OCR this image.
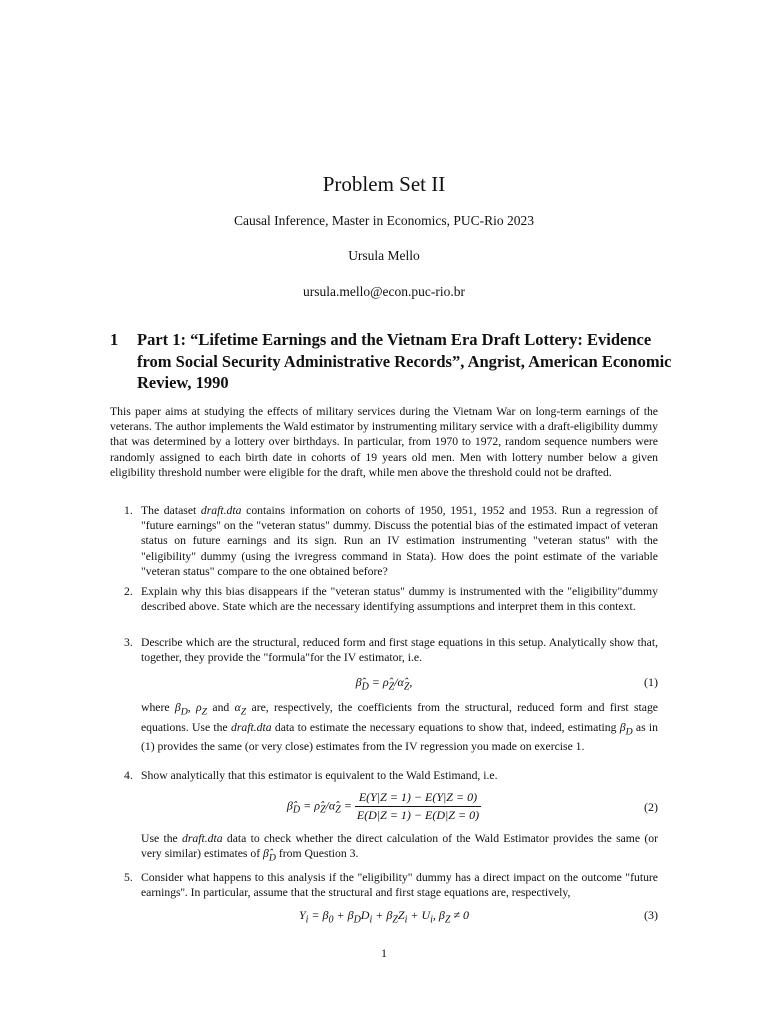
Problem Set II
Causal Inference, Master in Economics, PUC-Rio 2023
Ursula Mello
ursula.mello@econ.puc-rio.br
1 Part 1: “Lifetime Earnings and the Vietnam Era Draft Lottery: Evidence from Social Security Administrative Records”, Angrist, American Economic Review, 1990
This paper aims at studying the effects of military services during the Vietnam War on long-term earnings of the veterans. The author implements the Wald estimator by instrumenting military service with a draft-eligibility dummy that was determined by a lottery over birthdays. In particular, from 1970 to 1972, random sequence numbers were randomly assigned to each birth date in cohorts of 19 years old men. Men with lottery number below a given eligibility threshold number were eligible for the draft, while men above the threshold could not be drafted.
1. The dataset draft.dta contains information on cohorts of 1950, 1951, 1952 and 1953. Run a regression of "future earnings'' on the "veteran status" dummy. Discuss the potential bias of the estimated impact of veteran status on future earnings and its sign. Run an IV estimation instrumenting "veteran status'' with the "eligibility" dummy (using the ivregress command in Stata). How does the point estimate of the variable "veteran status" compare to the one obtained before?
2. Explain why this bias disappears if the "veteran status" dummy is instrumented with the "eligibility"dummy described above. State which are the necessary identifying assumptions and interpret them in this context.
3. Describe which are the structural, reduced form and first stage equations in this setup. Analytically show that, together, they provide the "formula"for the IV estimator, i.e.
where $\beta_D$, $\rho_Z$ and $\alpha_Z$ are, respectively, the coefficients from the structural, reduced form and first stage equations. Use the draft.dta data to estimate the necessary equations to show that, indeed, estimating $\beta_D$ as in (1) provides the same (or very close) estimates from the IV regression you made on exercise 1.
4. Show analytically that this estimator is equivalent to the Wald Estimand, i.e.
Use the draft.dta data to check whether the direct calculation of the Wald Estimator provides the same (or very similar) estimates of $\betâ_D$ from Question 3.
5. Consider what happens to this analysis if the "eligibility" dummy has a direct impact on the outcome "future earnings''. In particular, assume that the structural and first stage equations are, respectively,
$\betâ_D$ = $\rhô_Z/\alphâ_Z$,	(1)
$\betâ_D$ = $\rhô_Z/\alphâ_Z = \frac{E(Y|Z = 1) - E(Y|Z = 0)}{E(D|Z = 1) - E(D|Z = 0)}$	(2)
$Y_i = \beta_0 + \beta_DD_i + \beta_ZZ_i + U_i$, $\beta_Z \ne 0$	(3)
1
